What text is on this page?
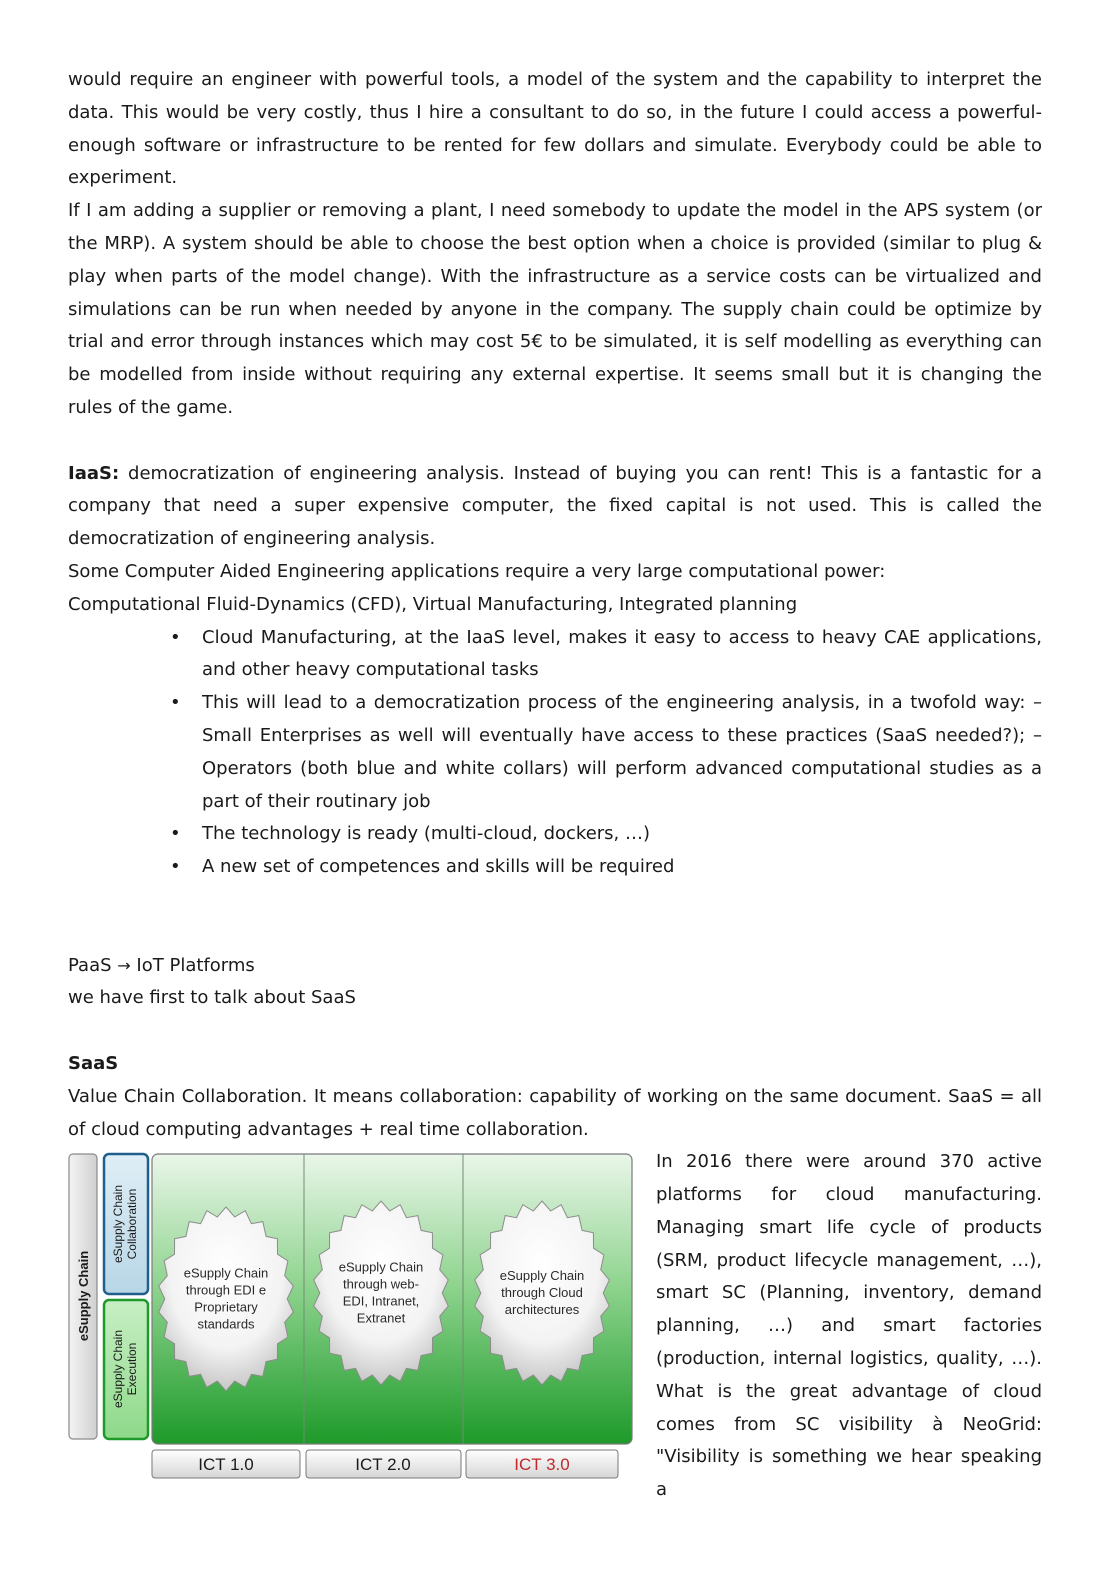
would require an engineer with powerful tools, a model of the system and the capability to interpret the data. This would be very costly, thus I hire a consultant to do so, in the future I could access a powerful-enough software or infrastructure to be rented for few dollars and simulate. Everybody could be able to experiment.

If I am adding a supplier or removing a plant, I need somebody to update the model in the APS system (or the MRP). A system should be able to choose the best option when a choice is provided (similar to plug & play when parts of the model change). With the infrastructure as a service costs can be virtualized and simulations can be run when needed by anyone in the company. The supply chain could be optimize by trial and error through instances which may cost 5€ to be simulated, it is self modelling as everything can be modelled from inside without requiring any external expertise. It seems small but it is changing the rules of the game.

IaaS: democratization of engineering analysis. Instead of buying you can rent! This is a fantastic for a company that need a super expensive computer, the fixed capital is not used. This is called the democratization of engineering analysis.

Some Computer Aided Engineering applications require a very large computational power:

Computational Fluid-Dynamics (CFD), Virtual Manufacturing, Integrated planning

• Cloud Manufacturing, at the IaaS level, makes it easy to access to heavy CAE applications, and other heavy computational tasks
• This will lead to a democratization process of the engineering analysis, in a twofold way: – Small Enterprises as well will eventually have access to these practices (SaaS needed?); – Operators (both blue and white collars) will perform advanced computational studies as a part of their routinary job
• The technology is ready (multi-cloud, dockers, …)
• A new set of competences and skills will be required

PaaS → IoT Platforms

we have first to talk about SaaS

SaaS

Value Chain Collaboration. It means collaboration: capability of working on the same document. SaaS = all of cloud computing advantages + real time collaboration.

eSupply Chain
eSupply Chain Collaboration
eSupply Chain Execution
eSupply Chain
through EDI e
Proprietary
standards
eSupply Chain
through web-
EDI, Intranet,
Extranet
eSupply Chain
through Cloud
architectures
ICT 1.0	ICT 2.0	ICT 3.0

In 2016 there were around 370 active platforms for cloud manufacturing. Managing smart life cycle of products (SRM, product lifecycle management, …), smart SC (Planning, inventory, demand planning, …) and smart factories (production, internal logistics, quality, …). What is the great advantage of cloud comes from SC visibility à NeoGrid: "Visibility is something we hear speaking a
